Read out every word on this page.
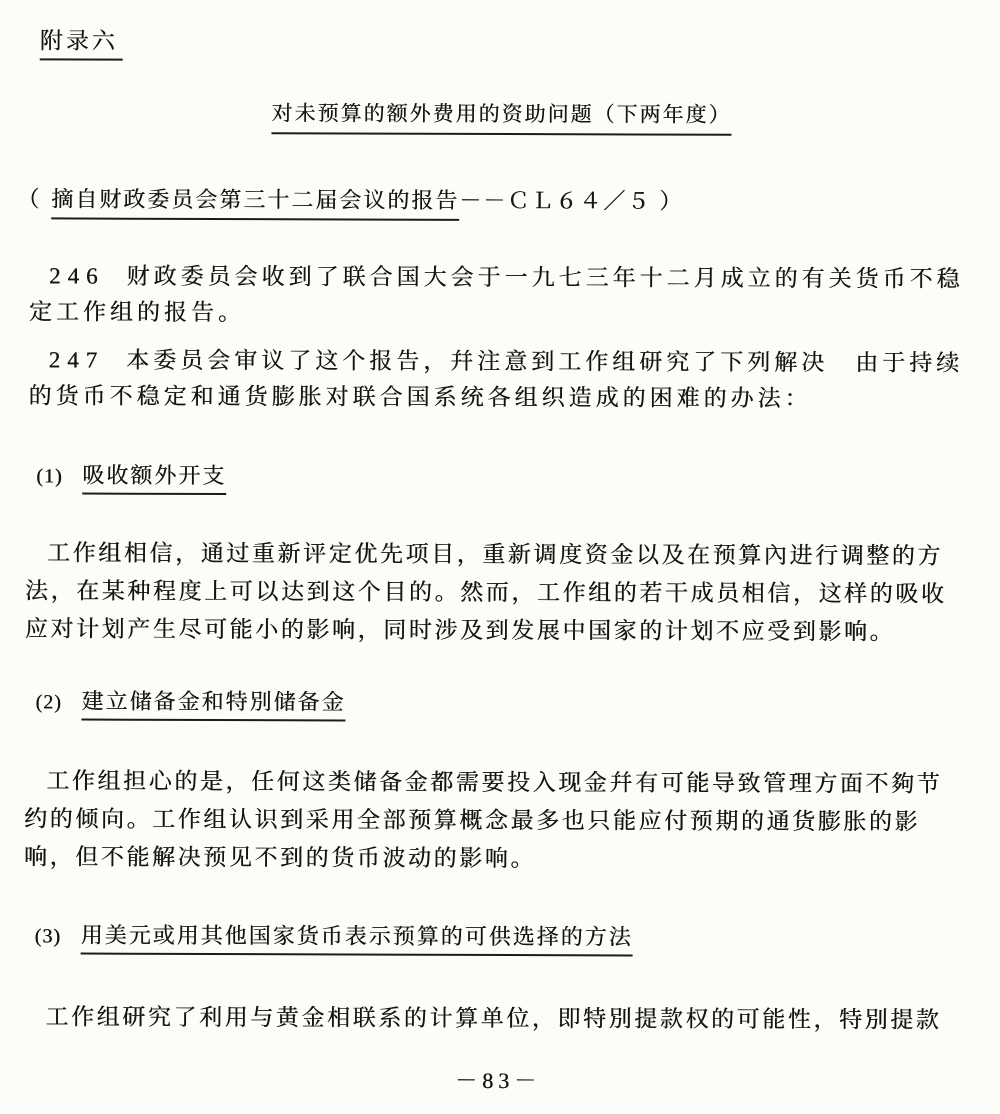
附录六
对未预算的额外费用的资助问题（下两年度）
（ 摘自财政委员会第三十二届会议的报告－－ＣＬ６４／５ ）

246 财政委员会收到了联合国大会于一九七三年十二月成立的有关货币不稳定工作组的报告。

247 本委员会审议了这个报告，幷注意到工作组研究了下列解决　由于持续的货币不稳定和通货膨胀对联合国系统各组织造成的困难的办法：

(1) 吸收额外开支

工作组相信，通过重新评定优先项目，重新调度资金以及在预算內进行调整的方法，在某种程度上可以达到这个目的。然而，工作组的若干成员相信，这样的吸收应对计划产生尽可能小的影响，同时涉及到发展中国家的计划不应受到影响。

(2) 建立储备金和特別储备金

工作组担心的是，任何这类储备金都需要投入现金幷有可能导致管理方面不夠节约的倾向。工作组认识到采用全部预算概念最多也只能应付预期的通货膨胀的影响，但不能解决预见不到的货币波动的影响。

(3) 用美元或用其他国家货币表示预算的可供选择的方法

工作组研究了利用与黄金相联系的计算单位，即特別提款权的可能性，特別提款

－83－
